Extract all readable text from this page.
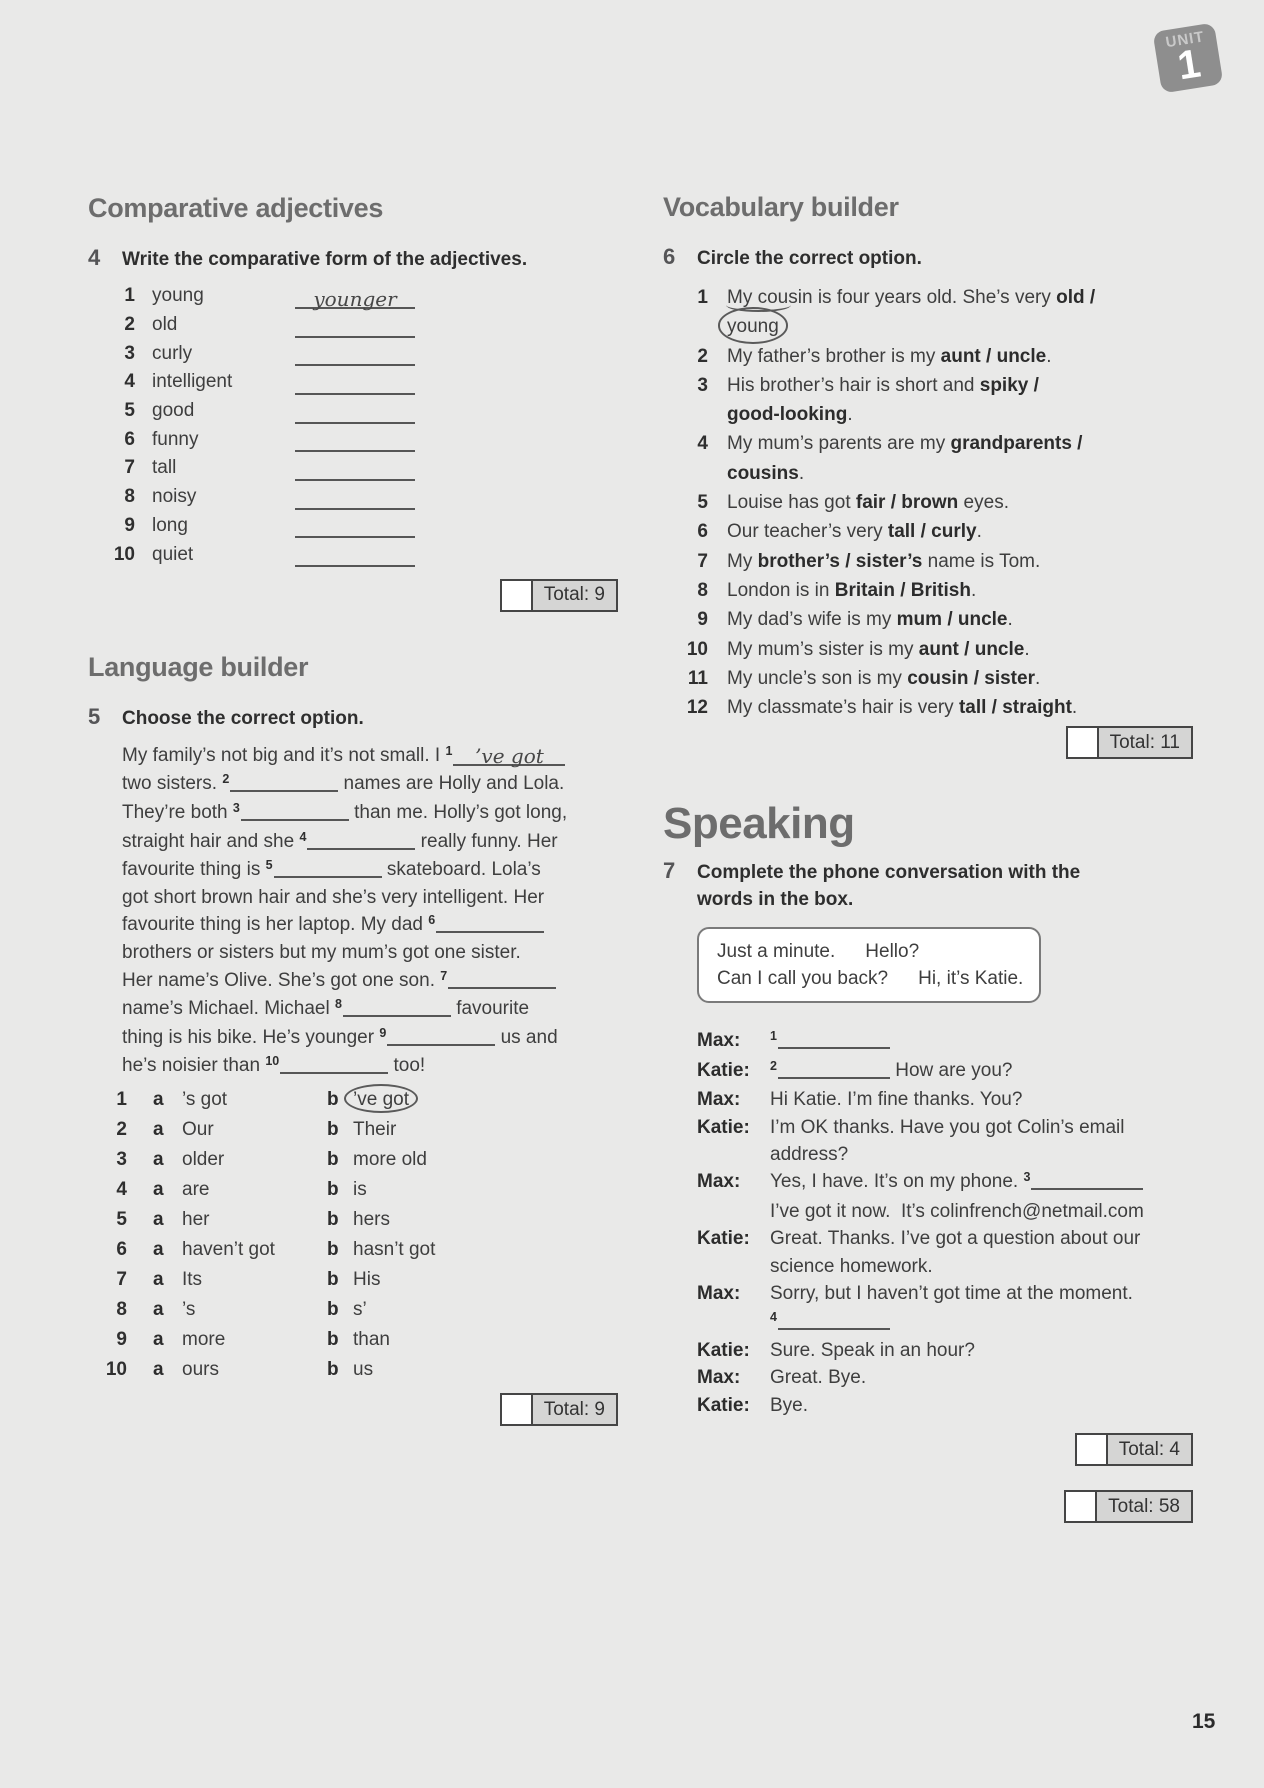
UNIT
1
Comparative adjectives
4	Write the comparative form of the adjectives.
1 young	younger
2 old
3 curly
4 intelligent
5 good
6 funny
7 tall
8 noisy
9 long
10 quiet
Total: 9
Language builder
5	Choose the correct option.
My family’s not big and it’s not small. I $^1$ ’ve got
two sisters. $^2$	names are Holly and Lola.
They’re both $^3$	than me. Holly’s got long,
straight hair and she $^4$	really funny. Her
favourite thing is $^5$	skateboard. Lola’s
got short brown hair and she’s very intelligent. Her
favourite thing is her laptop. My dad $^6$
brothers or sisters but my mum’s got one sister.
Her name’s Olive. She’s got one son. $^7$
name’s Michael. Michael $^8$	favourite
thing is his bike. He’s younger $^9$	us and
he’s noisier than $^{10}$	too!
1 a ’s got	b ’ve got
2 a Our	b Their
3 a older	b more old
4 a are	b is
5 a her	b hers
6 a haven’t got	b hasn’t got
7 a Its	b His
8 a ’s	b s’
9 a more	b than
10 a ours	b us
Total: 9
Vocabulary builder
6	Circle the correct option.
1 My cousin is four years old. She’s very old /
young
2 My father’s brother is my aunt / uncle.
3 His brother’s hair is short and spiky /
good-looking.
4 My mum’s parents are my grandparents /
cousins.
5 Louise has got fair / brown eyes.
6 Our teacher’s very tall / curly.
7 My brother’s / sister’s name is Tom.
8 London is in Britain / British.
9 My dad’s wife is my mum / uncle.
10 My mum’s sister is my aunt / uncle.
11 My uncle’s son is my cousin / sister.
12 My classmate’s hair is very tall / straight.
Total: 11
Speaking
7	Complete the phone conversation with the words in the box.
Just a minute. Hello?
Can I call you back? Hi, it’s Katie.
Max:	$^1$
Katie:	$^2$	How are you?
Max:	Hi Katie. I’m fine thanks. You?
Katie:	I’m OK thanks. Have you got Colin’s email
address?
Max:	Yes, I have. It’s on my phone. $^3$
I’ve got it now.  It’s colinfrench@netmail.com
Katie:	Great. Thanks. I’ve got a question about our
science homework.
Max:	Sorry, but I haven’t got time at the moment.
$^4$
Katie:	Sure. Speak in an hour?
Max:	Great. Bye.
Katie:	Bye.
Total: 4
Total: 58
15
